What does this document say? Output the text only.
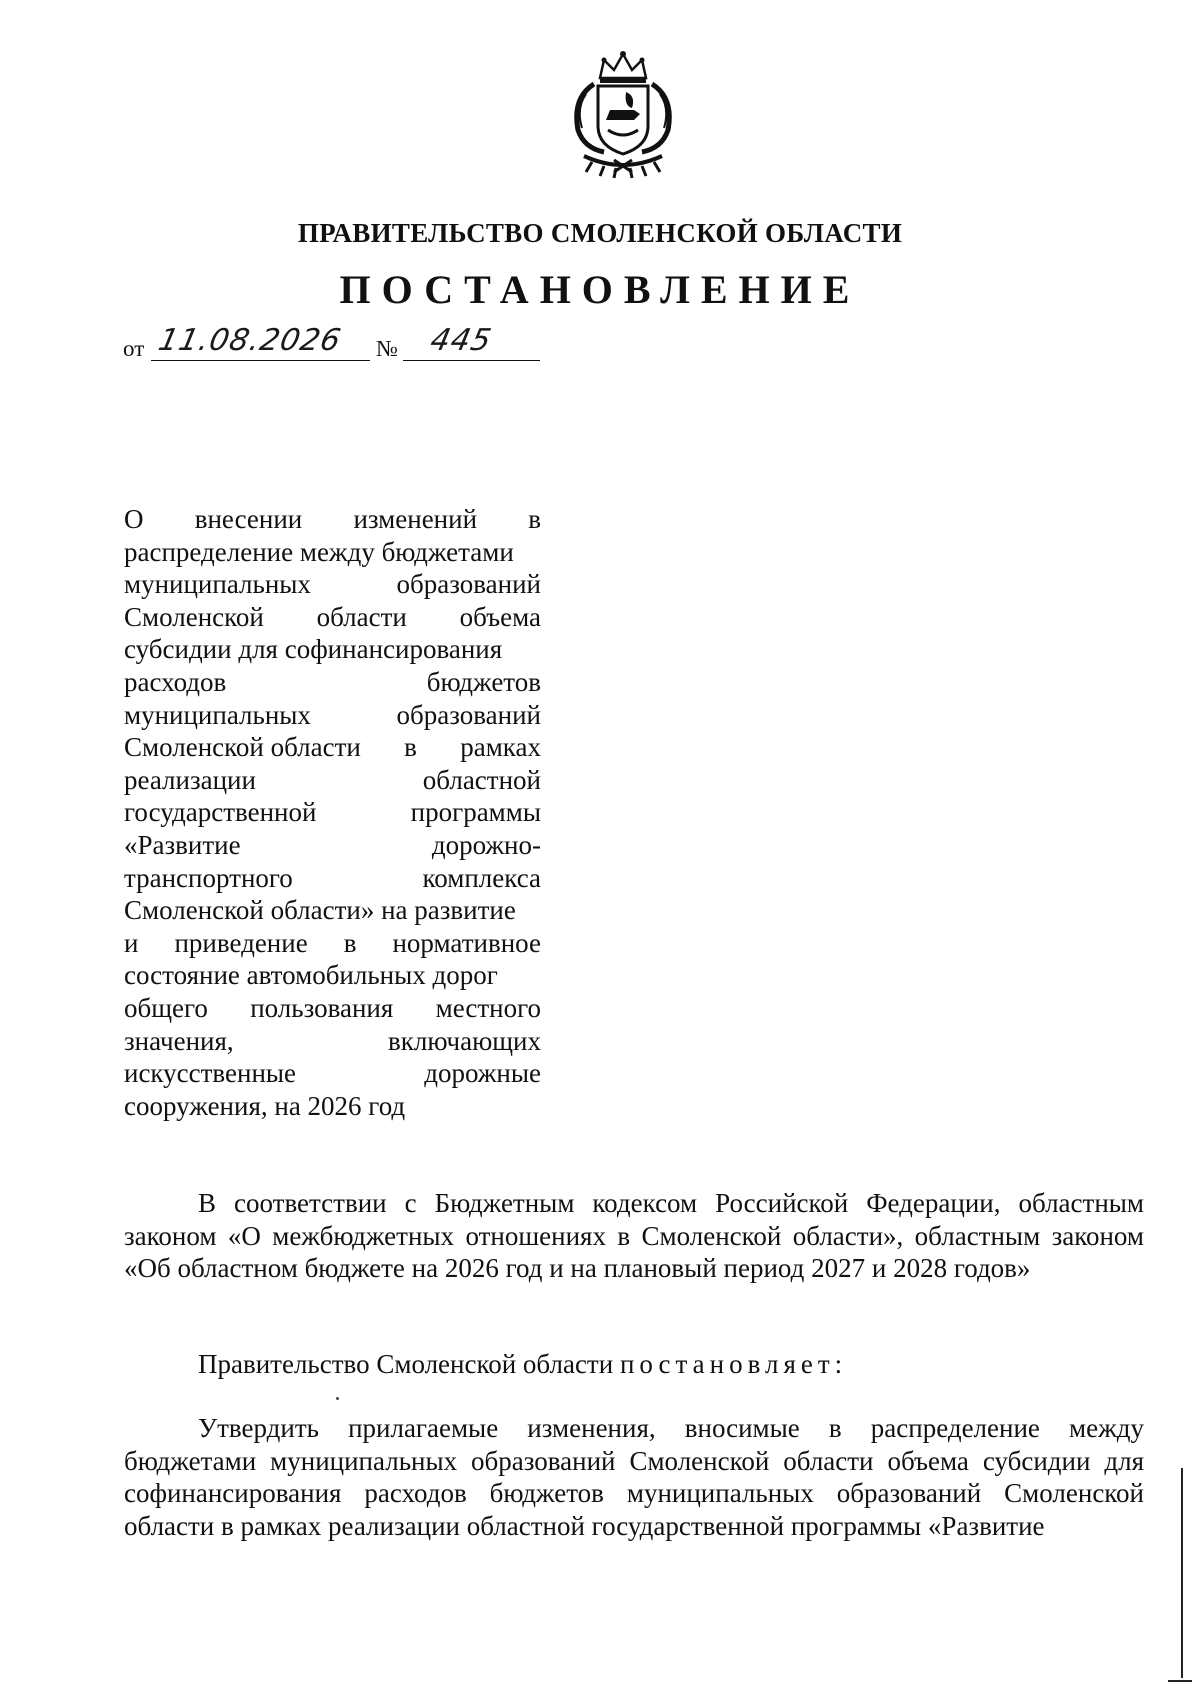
ПРАВИТЕЛЬСТВО СМОЛЕНСКОЙ ОБЛАСТИ
ПОСТАНОВЛЕНИЕ
от 11.08.2026 № 445
О внесении изменений в
распределение между бюджетами
муниципальных	образований
Смоленской области объема
субсидии для софинансирования
расходов	бюджетов
муниципальных	образований
Смоленской области в рамках
реализации	областной
государственной	программы
«Развитие	дорожно-
транспортного	комплекса
Смоленской области» на развитие
и приведение в нормативное
состояние автомобильных дорог
общего пользования местного
значения,	включающих
искусственные	дорожные
сооружения, на 2026 год
В соответствии с Бюджетным кодексом Российской Федерации, областным законом «О межбюджетных отношениях в Смоленской области», областным законом «Об областном бюджете на 2026 год и на плановый период 2027 и 2028 годов»
Правительство Смоленской области постановляет:
Утвердить прилагаемые изменения, вносимые в распределение между бюджетами муниципальных образований Смоленской области объема субсидии для софинансирования расходов бюджетов муниципальных образований Смоленской области в рамках реализации областной государственной программы «Развитие
